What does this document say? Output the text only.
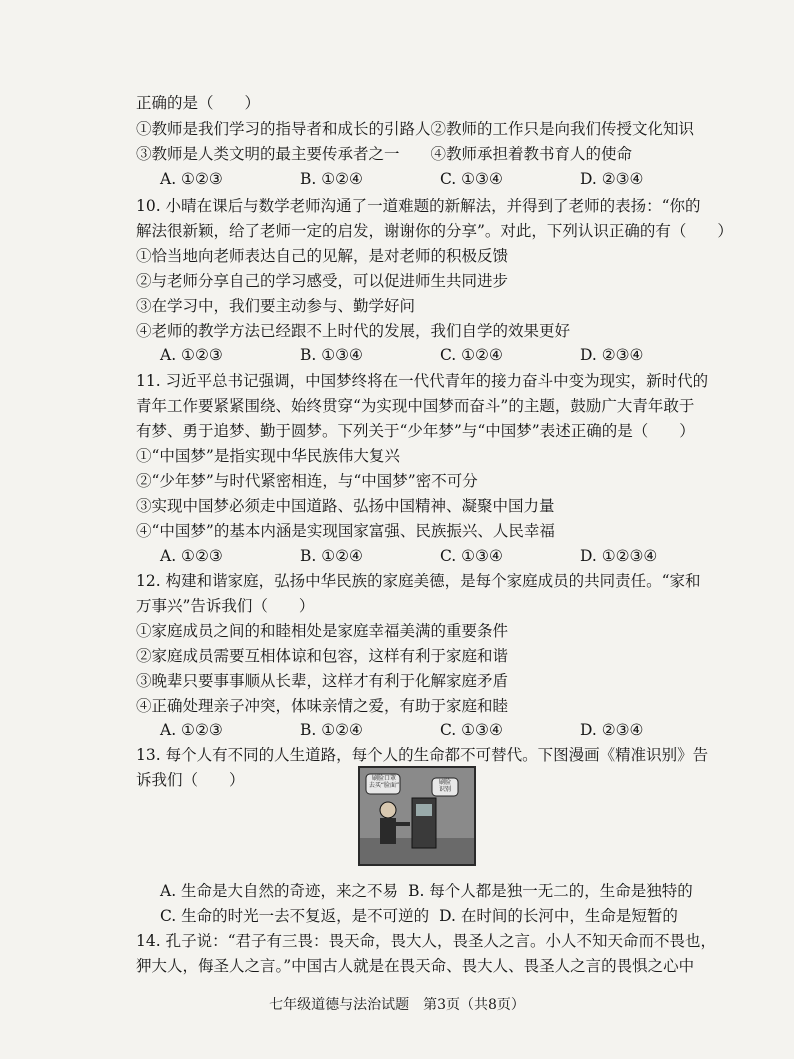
正确的是（　　）
①教师是我们学习的指导者和成长的引路人②教师的工作只是向我们传授文化知识
③教师是人类文明的最主要传承者之一　　④教师承担着教书育人的使命
A. ①②③	B. ①②④	C. ①③④	D. ②③④
10. 小晴在课后与数学老师沟通了一道难题的新解法，并得到了老师的表扬：“你的
解法很新颖，给了老师一定的启发，谢谢你的分享”。对此，下列认识正确的有（　　）
①恰当地向老师表达自己的见解，是对老师的积极反馈
②与老师分享自己的学习感受，可以促进师生共同进步
③在学习中，我们要主动参与、勤学好问
④老师的教学方法已经跟不上时代的发展，我们自学的效果更好
A. ①②③	B. ①③④	C. ①②④	D. ②③④
11. 习近平总书记强调，中国梦终将在一代代青年的接力奋斗中变为现实，新时代的
青年工作要紧紧围绕、始终贯穿“为实现中国梦而奋斗”的主题，鼓励广大青年敢于
有梦、勇于追梦、勤于圆梦。下列关于“少年梦”与“中国梦”表述正确的是（　　）
①“中国梦”是指实现中华民族伟大复兴
②“少年梦”与时代紧密相连，与“中国梦”密不可分
③实现中国梦必须走中国道路、弘扬中国精神、凝聚中国力量
④“中国梦”的基本内涵是实现国家富强、民族振兴、人民幸福
A. ①②③	B. ①②④	C. ①③④	D. ①②③④
12. 构建和谐家庭，弘扬中华民族的家庭美德，是每个家庭成员的共同责任。“家和
万事兴”告诉我们（　　）
①家庭成员之间的和睦相处是家庭幸福美满的重要条件
②家庭成员需要互相体谅和包容，这样有利于家庭和谐
③晚辈只要事事顺从长辈，这样才有利于化解家庭矛盾
④正确处理亲子冲突，体味亲情之爱，有助于家庭和睦
A. ①②③	B. ①②④	C. ①③④	D. ②③④
13. 每个人有不同的人生道路，每个人的生命都不可替代。下图漫画《精准识别》告
诉我们（　　）	刷脸口罩
去买“脸面”	刷脸
识别
A. 生命是大自然的奇迹，来之不易 B. 每个人都是独一无二的，生命是独特的
C. 生命的时光一去不复返，是不可逆的 D. 在时间的长河中，生命是短暂的
14. 孔子说：“君子有三畏：畏天命，畏大人，畏圣人之言。小人不知天命而不畏也，
狎大人，侮圣人之言。”中国古人就是在畏天命、畏大人、畏圣人之言的畏惧之心中
七年级道德与法治试题　第3页（共8页）
